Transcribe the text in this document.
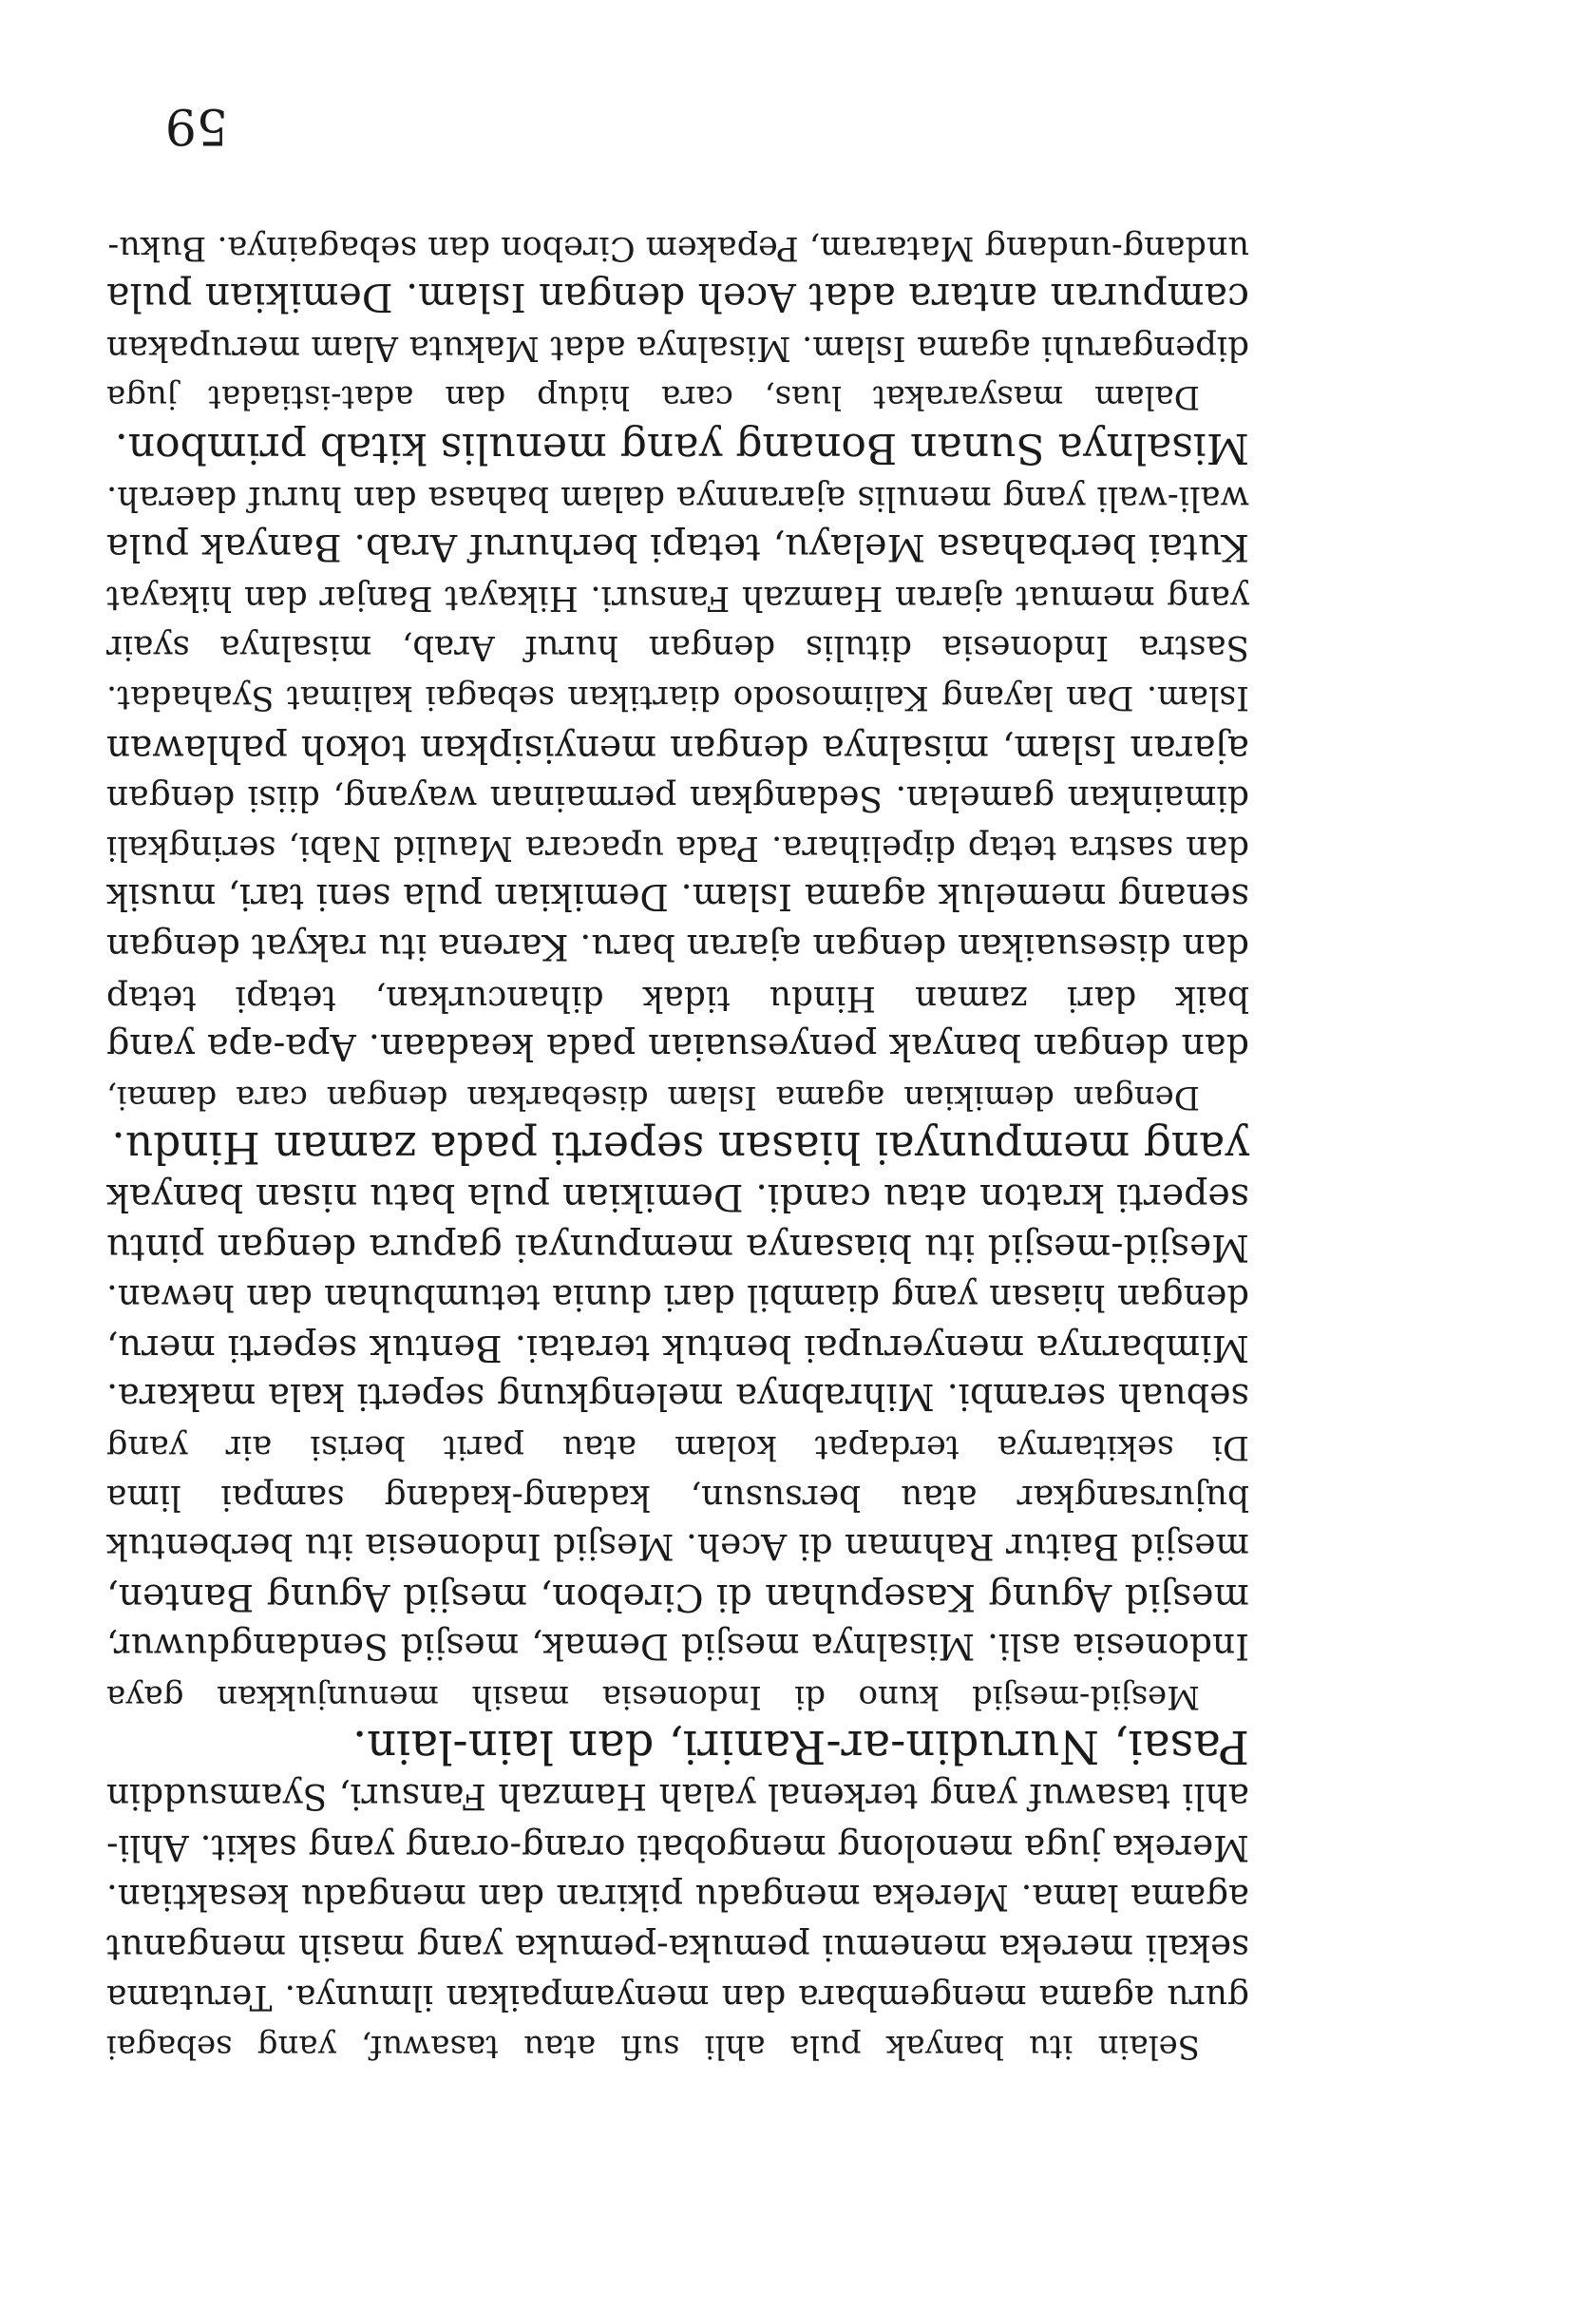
Selain itu banyak pula ahli sufi atau tasawuf, yang sebagai
guru agama mengembara dan menyampaikan ilmunya. Terutama
sekali mereka menemui pemuka-pemuka yang masih menganut
agama lama. Mereka mengadu pikiran dan mengadu kesaktian.
Mereka juga menolong mengobati orang-orang yang sakit. Ahli-
ahli tasawuf yang terkenal yalah Hamzah Fansuri, Syamsuddin
Pasai, Nurudin-ar-Raniri, dan lain-lain.
Mesjid-mesjid kuno di Indonesia masih menunjukkan gaya
Indonesia asli. Misalnya mesjid Demak, mesjid Sendangduwur,
mesjid Agung Kasepuhan di Cirebon, mesjid Agung Banten,
mesjid Baitur Rahman di Aceh. Mesjid Indonesia itu berbentuk
bujursangkar atau bersusun, kadang-kadang sampai lima
Di sekitarnya terdapat kolam atau parit berisi air yang
sebuah serambi. Mihrabnya melengkung seperti kala makara.
Mimbarnya menyerupai bentuk teratai. Bentuk seperti meru,
dengan hiasan yang diambil dari dunia tetumbuhan dan hewan.
Mesjid-mesjid itu biasanya mempunyai gapura dengan pintu
seperti kraton atau candi. Demikian pula batu nisan banyak
yang mempunyai hiasan seperti pada zaman Hindu.
Dengan demikian agama Islam disebarkan dengan cara damai,
dan dengan banyak penyesuaian pada keadaan. Apa-apa yang
baik dari zaman Hindu tidak dihancurkan, tetapi tetap
dan disesuaikan dengan ajaran baru. Karena itu rakyat dengan
senang memeluk agama Islam. Demikian pula seni tari, musik
dan sastra tetap dipelihara. Pada upacara Maulid Nabi, seringkali
dimainkan gamelan. Sedangkan permainan wayang, diisi dengan
ajaran Islam, misalnya dengan menyisipkan tokoh pahlawan
Islam. Dan layang Kalimosodo diartikan sebagai kalimat Syahadat.
Sastra Indonesia ditulis dengan huruf Arab, misalnya syair
yang memuat ajaran Hamzah Fansuri. Hikayat Banjar dan hikayat
Kutai berbahasa Melayu, tetapi berhuruf Arab. Banyak pula
wali-wali yang menulis ajarannya dalam bahasa dan huruf daerah.
Misalnya Sunan Bonang yang menulis kitab primbon.
Dalam masyarakat luas, cara hidup dan adat-istiadat juga
dipengaruhi agama Islam. Misalnya adat Makuta Alam merupakan
campuran antara adat Aceh dengan Islam. Demikian pula
undang-undang Mataram, Pepakem Cirebon dan sebagainya. Buku-
59
